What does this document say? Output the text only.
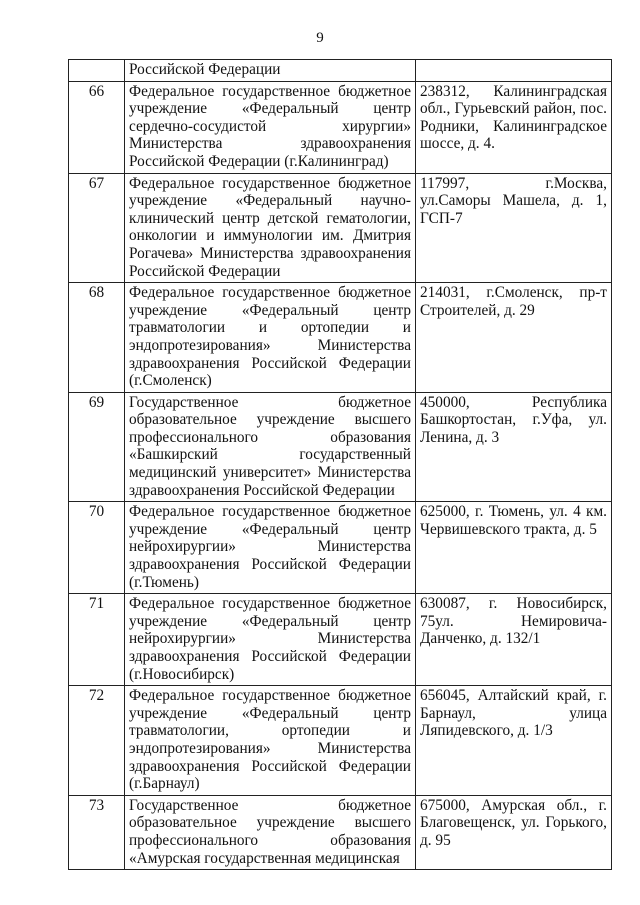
9
	Российской Федерации	
66	Федеральное государственное бюджетное учреждение «Федеральный центр сердечно-сосудистой хирургии» Министерства здравоохранения Российской Федерации (г.Калининград)	238312, Калининградская обл., Гурьевский район, пос. Родники, Калининградское шоссе, д. 4.
67	Федеральное государственное бюджетное учреждение «Федеральный научно-клинический центр детской гематологии, онкологии и иммунологии им. Дмитрия Рогачева» Министерства здравоохранения Российской Федерации	117997, г.Москва, ул.Саморы Машела, д. 1, ГСП-7
68	Федеральное государственное бюджетное учреждение «Федеральный центр травматологии и ортопедии и эндопротезирования» Министерства здравоохранения Российской Федерации (г.Смоленск)	214031, г.Смоленск, пр-т Строителей, д. 29
69	Государственное бюджетное образовательное учреждение высшего профессионального образования «Башкирский государственный медицинский университет» Министерства здравоохранения Российской Федерации	450000, Республика Башкортостан, г.Уфа, ул. Ленина, д. 3
70	Федеральное государственное бюджетное учреждение «Федеральный центр нейрохирургии» Министерства здравоохранения Российской Федерации (г.Тюмень)	625000, г. Тюмень, ул. 4 км. Червишевского тракта, д. 5
71	Федеральное государственное бюджетное учреждение «Федеральный центр нейрохирургии» Министерства здравоохранения Российской Федерации (г.Новосибирск)	630087, г. Новосибирск, 75ул. Немировича-Данченко, д. 132/1
72	Федеральное государственное бюджетное учреждение «Федеральный центр травматологии, ортопедии и эндопротезирования» Министерства здравоохранения Российской Федерации (г.Барнаул)	656045, Алтайский край, г. Барнаул, улица Ляпидевского, д. 1/3
73	Государственное бюджетное образовательное учреждение высшего профессионального образования «Амурская государственная медицинская	675000, Амурская обл., г. Благовещенск, ул. Горького, д. 95
